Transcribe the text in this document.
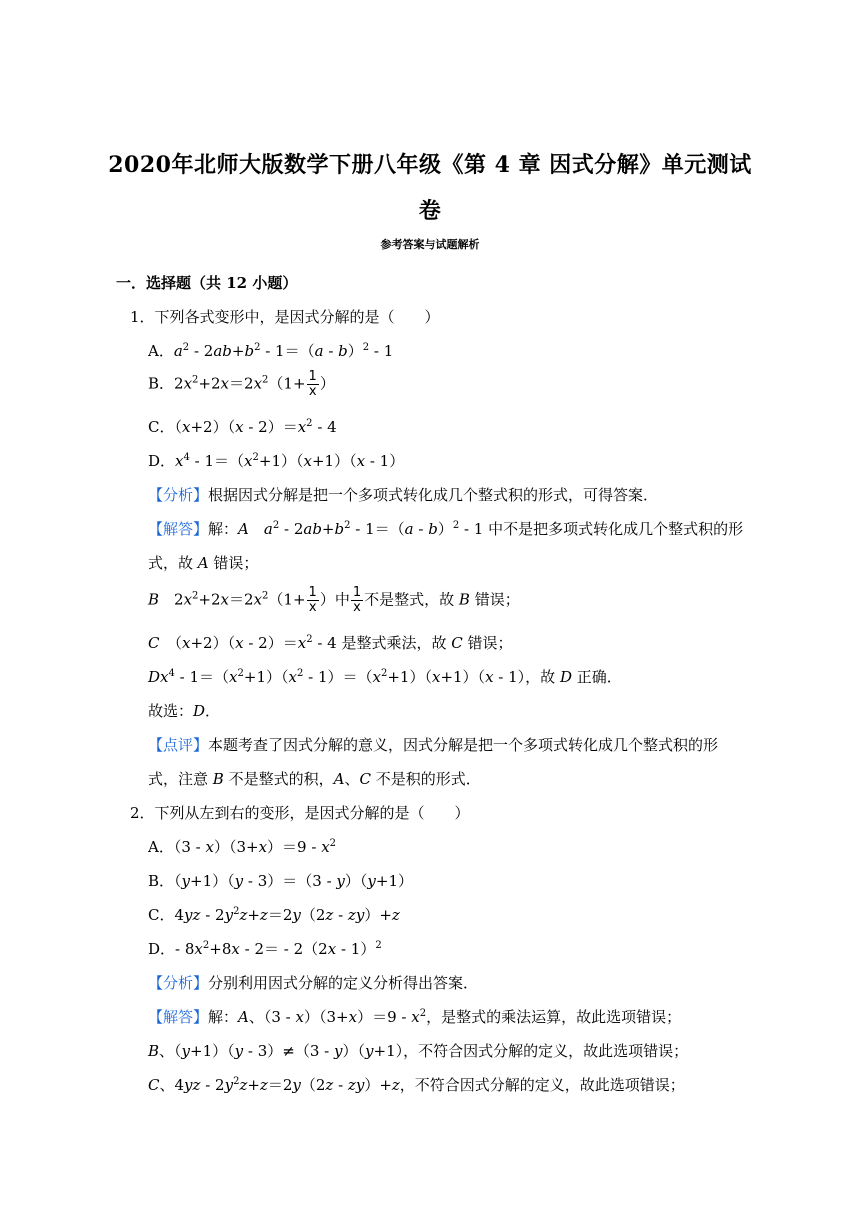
2020年北师大版数学下册八年级《第 4 章 因式分解》单元测试
卷
参考答案与试题解析
一．选择题（共 12 小题）
1．下列各式变形中，是因式分解的是（　　）
A．$a^2 - 2ab+b^2 - 1=(a - b)^2 - 1$
B．$2x^2+2x=2x^2(1+ \frac{1}{x}$ ）
C．$(x+2)(x - 2)=x^2 - 4$
D．$x^4 - 1=(x^2+1)(x+1)(x - 1)$
【分析】根据因式分解是把一个多项式转化成几个整式积的形式，可得答案．
【解答】解：A　 $a^2 - 2ab+b^2 - 1=(a - b)^2 - 1$ 中不是把多项式转化成几个整式积的形
式，故 A 错误；
B　$2x^2+2x=2x^2(1+ \frac{1}{x}$ ）中 $\frac{1}{x}$ 不是整式，故 B 错误；
C　$(x+2)(x - 2)=x^2 - 4$ 是整式乘法，故 C 错误；
$Dx^4 - 1=(x^2+1)(x^2 - 1)=(x^2+1)(x+1)(x - 1)$，故 D 正确．
故选：D．
【点评】本题考查了因式分解的意义，因式分解是把一个多项式转化成几个整式积的形
式，注意 B 不是整式的积，A、C 不是积的形式．
2．下列从左到右的变形，是因式分解的是（　　）
A．$(3 - x)(3+x)=9 - x^2$
B．（y+1）（y - 3）＝（3 - y）（y+1）
C．$4yz - 2y^2z+z=2y(2z - zy)+z$
D．- $8x^2+8x - 2= - 2(2x - 1)^2$
【分析】分别利用因式分解的定义分析得出答案．
【解答】解：A、$(3 - x)(3+x)=9 - x^2$，是整式的乘法运算，故此选项错误；
B、（y+1）（y - 3）≠（3 - y）（y+1），不符合因式分解的定义，故此选项错误；
C、$4yz - 2y^2z+z=2y(2z - zy)+z$，不符合因式分解的定义，故此选项错误；
